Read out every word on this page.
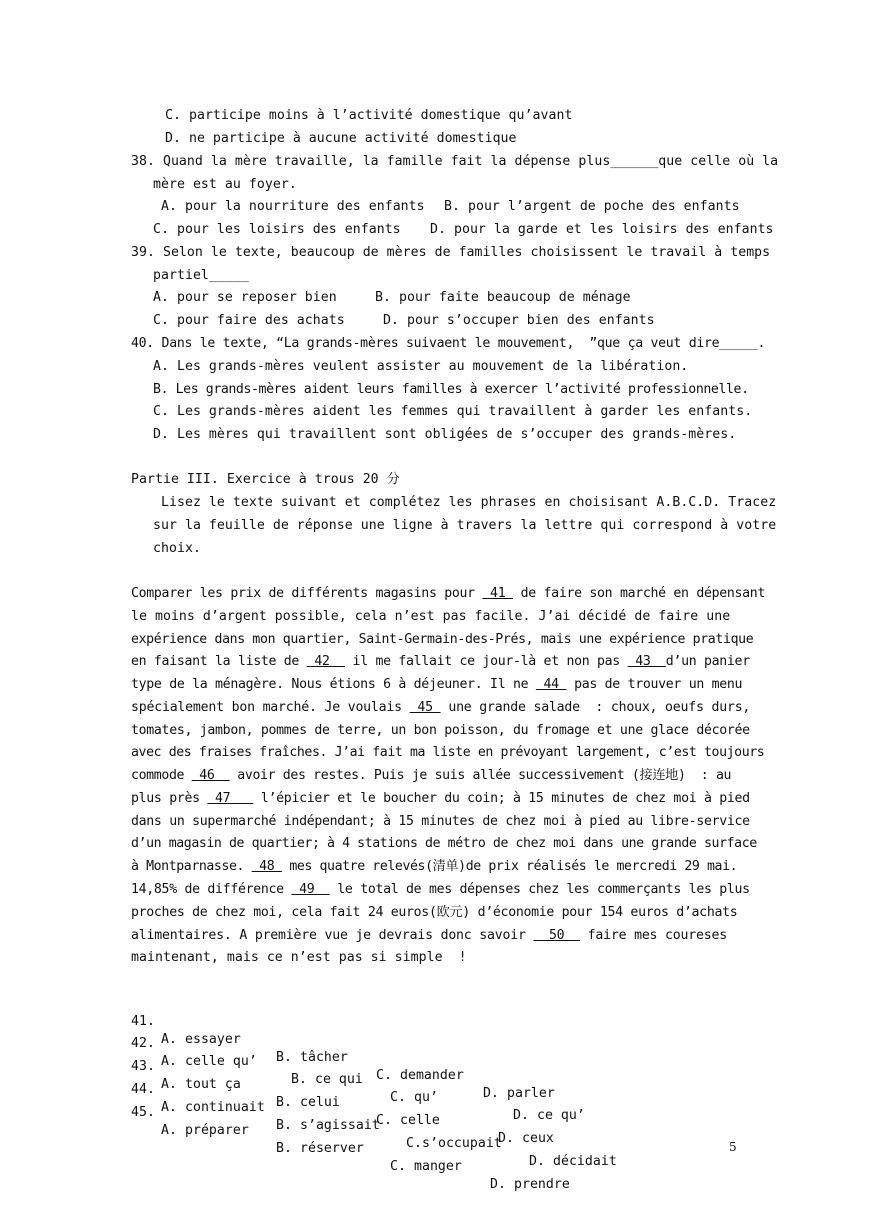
C. participe moins à l’activité domestique qu’avant
D. ne participe à aucune activité domestique
38. Quand la mère travaille, la famille fait la dépense plus______que celle où la
mère est au foyer.
A. pour la nourriture des enfants B. pour l’argent de poche des enfants
C. pour les loisirs des enfants D. pour la garde et les loisirs des enfants
39. Selon le texte, beaucoup de mères de familles choisissent le travail à temps
partiel_____
A. pour se reposer bien	B. pour faite beaucoup de ménage
C. pour faire des achats	D. pour s’occuper bien des enfants
40. Dans le texte, “La grands-mères suivaent le mouvement,  ”que ça veut dire_____.
A. Les grands-mères veulent assister au mouvement de la libération.
B. Les grands-mères aident leurs familles à exercer l’activité professionnelle.
C. Les grands-mères aident les femmes qui travaillent à garder les enfants.
D. Les mères qui travaillent sont obligées de s’occuper des grands-mères.
Partie III. Exercice à trous 20 分
Lisez le texte suivant et complétez les phrases en choisisant A.B.C.D. Tracez
sur la feuille de réponse une ligne à travers la lettre qui correspond à votre
choix.
Comparer les prix de différents magasins pour  41  de faire son marché en dépensant
le moins d’argent possible, cela n’est pas facile. J’ai décidé de faire une
expérience dans mon quartier, Saint-Germain-des-Prés, mais une expérience pratique
en faisant la liste de  42   il me fallait ce jour-là et non pas  43  d’un panier
type de la ménagère. Nous étions 6 à déjeuner. Il ne  44  pas de trouver un menu
spécialement bon marché. Je voulais  45  une grande salade  : choux, oeufs durs,
tomates, jambon, pommes de terre, un bon poisson, du fromage et une glace décorée
avec des fraises fraîches. J’ai fait ma liste en prévoyant largement, c’est toujours
commode  46   avoir des restes. Puis je suis allée successivement (接连地)  : au
plus près  47    l’épicier et le boucher du coin; à 15 minutes de chez moi à pied
dans un supermarché indépendant; à 15 minutes de chez moi à pied au libre-service
d’un magasin de quartier; à 4 stations de métro de chez moi dans une grande surface
à Montparnasse.  48  mes quatre relevés(清单)de prix réalisés le mercredi 29 mai.
14,85% de différence  49   le total de mes dépenses chez les commerçants les plus
proches de chez moi, cela fait 24 euros(欧元) d’économie pour 154 euros d’achats
alimentaires. A première vue je devrais donc savoir   50   faire mes coureses
maintenant, mais ce n’est pas si simple  !

41.

A. essayer

B. tâcher

C. demander

D. parler

42.

A. celle qu’

B. ce qui

C. qu’

D. ce qu’

43.

A. tout ça

B. celui

C. celle

D. ceux

44.

A. continuait

B. s’agissait

C.s’occupait

D. décidait

45.

A. préparer

B. réserver

C. manger

D. prendre

5
